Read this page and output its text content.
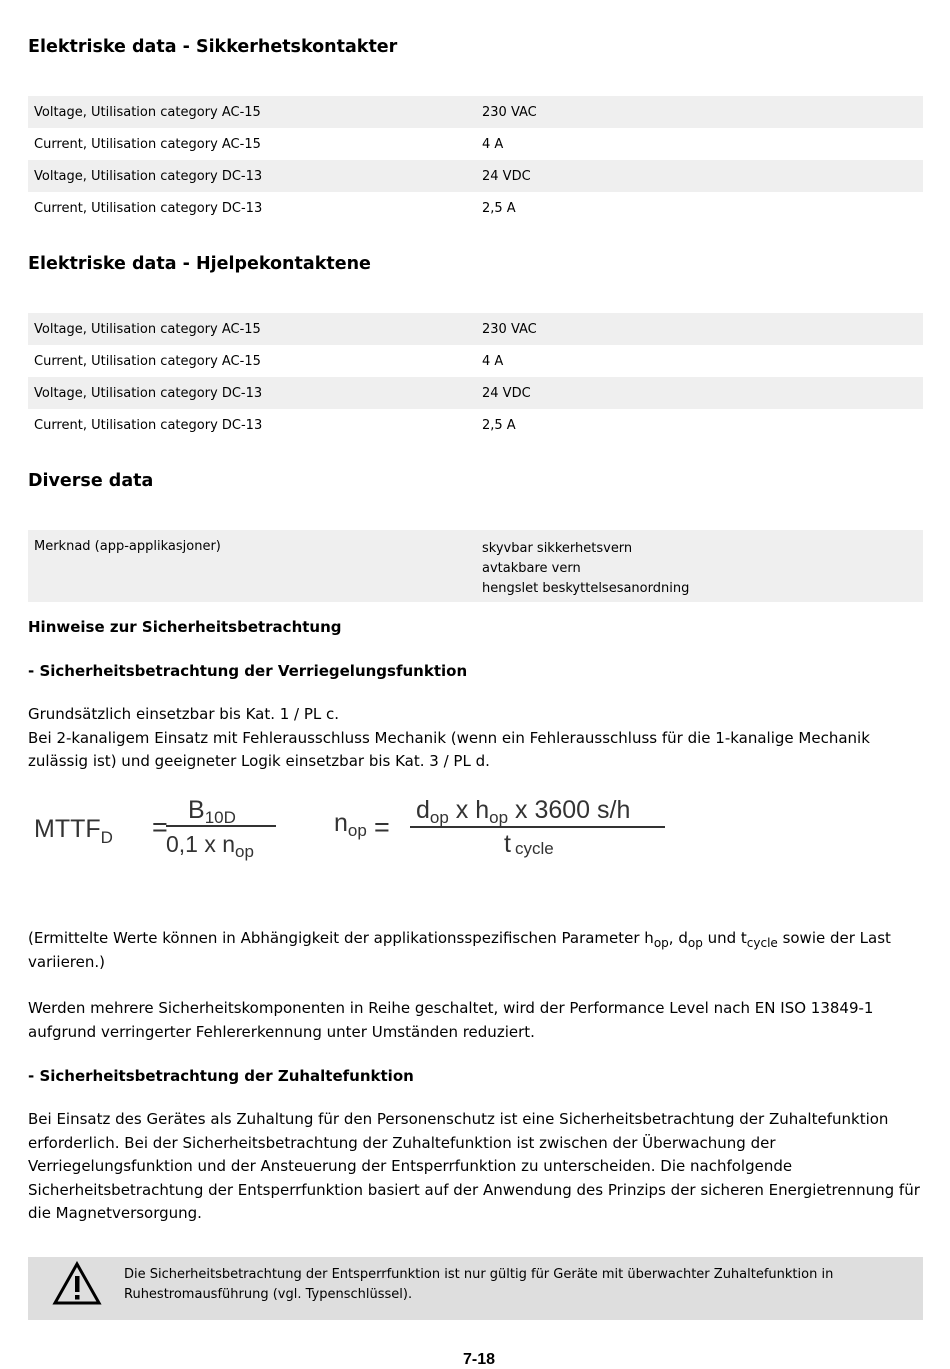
Elektriske data - Sikkerhetskontakter
Voltage, Utilisation category AC-15	230 VAC
Current, Utilisation category AC-15	4 A
Voltage, Utilisation category DC-13	24 VDC
Current, Utilisation category DC-13	2,5 A
Elektriske data - Hjelpekontaktene
Voltage, Utilisation category AC-15	230 VAC
Current, Utilisation category AC-15	4 A
Voltage, Utilisation category DC-13	24 VDC
Current, Utilisation category DC-13	2,5 A
Diverse data
Merknad (app-applikasjoner)	skyvbar sikkerhetsvern
avtakbare vern
hengslet beskyttelsesanordning

Hinweise zur Sicherheitsbetrachtung

- Sicherheitsbetrachtung der Verriegelungsfunktion

Grundsätzlich einsetzbar bis Kat. 1 / PL c.
Bei 2-kanaligem Einsatz mit Fehlerausschluss Mechanik (wenn ein Fehlerausschluss für die 1-kanalige Mechanik zulässig ist) und geeigneter Logik einsetzbar bis Kat. 3 / PL d.

$MTTF_D$ =
$B_{10D}$
0,1 x $n_{op}$
$n_{op}$ =
$d_{op}$ x $h_{op}$ x 3600 s/h
t cycle

(Ermittelte Werte können in Abhängigkeit der applikationsspezifischen Parameter $h_{op}$, $d_{op}$ und $t_{cycle}$ sowie der Last variieren.)

Werden mehrere Sicherheitskomponenten in Reihe geschaltet, wird der Performance Level nach EN ISO 13849-1 aufgrund verringerter Fehlererkennung unter Umständen reduziert.

- Sicherheitsbetrachtung der Zuhaltefunktion

Bei Einsatz des Gerätes als Zuhaltung für den Personenschutz ist eine Sicherheitsbetrachtung der Zuhaltefunktion erforderlich. Bei der Sicherheitsbetrachtung der Zuhaltefunktion ist zwischen der Überwachung der Verriegelungsfunktion und der Ansteuerung der Entsperrfunktion zu unterscheiden. Die nachfolgende Sicherheitsbetrachtung der Entsperrfunktion basiert auf der Anwendung des Prinzips der sicheren Energietrennung für die Magnetversorgung.

Die Sicherheitsbetrachtung der Entsperrfunktion ist nur gültig für Geräte mit überwachter Zuhaltefunktion in Ruhestromausführung (vgl. Typenschlüssel).
7-18
